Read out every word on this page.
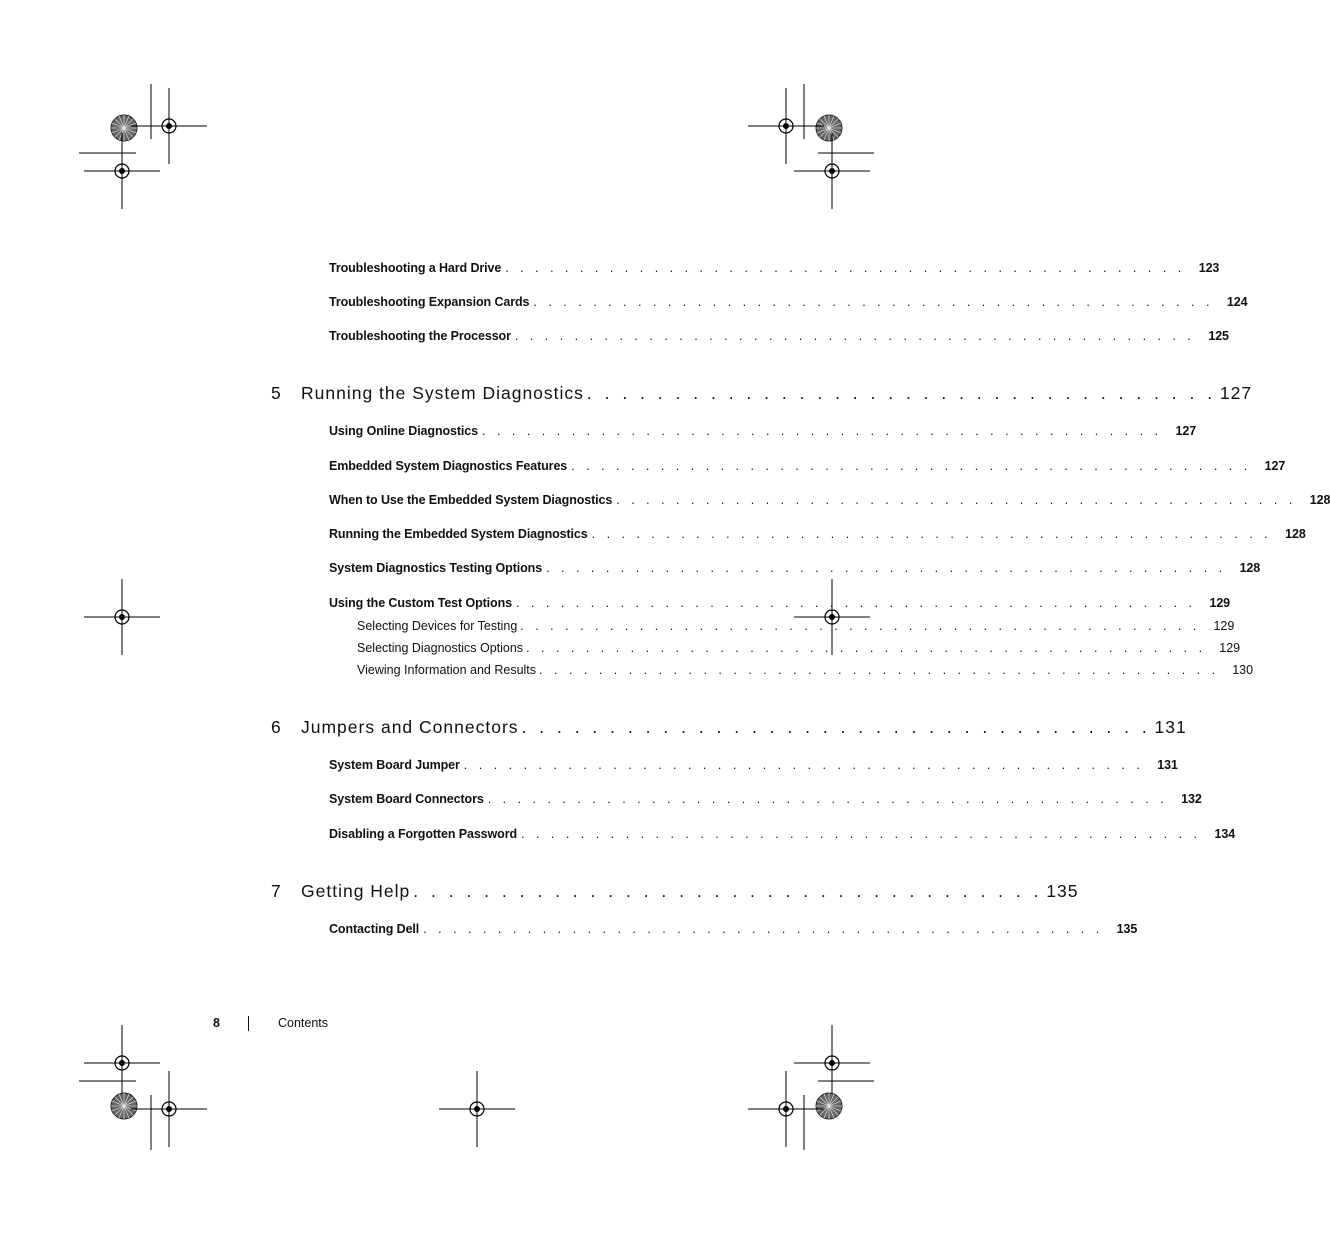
Troubleshooting a Hard Drive . . . . . . . . . . . . . . . . . . . . . . . . . . . . . . . . . . . . . . . . . . . . . .	123
Troubleshooting Expansion Cards . . . . . . . . . . . . . . . . . . . . . . . . . . . . . . . . . . . . . . . . . . . . . .	124
Troubleshooting the Processor . . . . . . . . . . . . . . . . . . . . . . . . . . . . . . . . . . . . . . . . . . . . . .	125
5	Running the System Diagnostics . . . . . . . . . . . . . . . . . . . . . . . . . . . . . . . . . . . . 127
Using Online Diagnostics . . . . . . . . . . . . . . . . . . . . . . . . . . . . . . . . . . . . . . . . . . . . . .	127
Embedded System Diagnostics Features . . . . . . . . . . . . . . . . . . . . . . . . . . . . . . . . . . . . . . . . . . . . . .	127
When to Use the Embedded System Diagnostics . . . . . . . . . . . . . . . . . . . . . . . . . . . . . . . . . . . . . . . . . . . . . .	128
Running the Embedded System Diagnostics . . . . . . . . . . . . . . . . . . . . . . . . . . . . . . . . . . . . . . . . . . . . . .	128
System Diagnostics Testing Options . . . . . . . . . . . . . . . . . . . . . . . . . . . . . . . . . . . . . . . . . . . . . .	128
Using the Custom Test Options . . . . . . . . . . . . . . . . . . . . . . . . . . . . . . . . . . . . . . . . . . . . . .	129
Selecting Devices for Testing . . . . . . . . . . . . . . . . . . . . . . . . . . . . . . . . . . . . . . . . . . . . . .	129
Selecting Diagnostics Options . . . . . . . . . . . . . . . . . . . . . . . . . . . . . . . . . . . . . . . . . . . . . .	129
Viewing Information and Results . . . . . . . . . . . . . . . . . . . . . . . . . . . . . . . . . . . . . . . . . . . . . .	130
6	Jumpers and Connectors . . . . . . . . . . . . . . . . . . . . . . . . . . . . . . . . . . . . 131
System Board Jumper . . . . . . . . . . . . . . . . . . . . . . . . . . . . . . . . . . . . . . . . . . . . . .	131
System Board Connectors . . . . . . . . . . . . . . . . . . . . . . . . . . . . . . . . . . . . . . . . . . . . . .	132
Disabling a Forgotten Password . . . . . . . . . . . . . . . . . . . . . . . . . . . . . . . . . . . . . . . . . . . . . .	134
7	Getting Help . . . . . . . . . . . . . . . . . . . . . . . . . . . . . . . . . . . . 135
Contacting Dell . . . . . . . . . . . . . . . . . . . . . . . . . . . . . . . . . . . . . . . . . . . . . .	135
8	Contents
